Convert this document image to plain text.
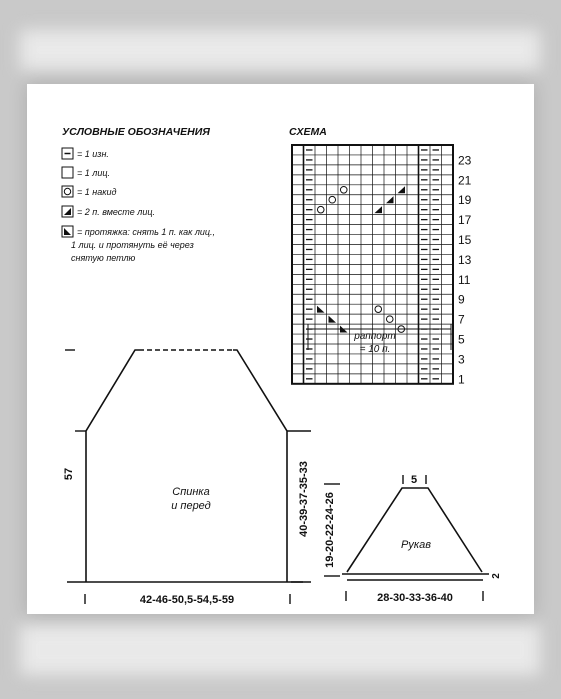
УСЛОВНЫЕ ОБОЗНАЧЕНИЯ
= 1 изн.
= 1 лиц.
= 1 накид
= 2 п. вместе лиц.
= протяжка: снять 1 п. как лиц.,
1 лиц. и протянуть её через
снятую петлю
СХЕМА
23
21
19
17
15
13
11
9
7
5
3
1
раппорт
= 10 п.
Спинка
и перед
57	40-39-37-35-33
42-46-50,5-54,5-59
5
Рукав
19-20-22-24-26
2
28-30-33-36-40
